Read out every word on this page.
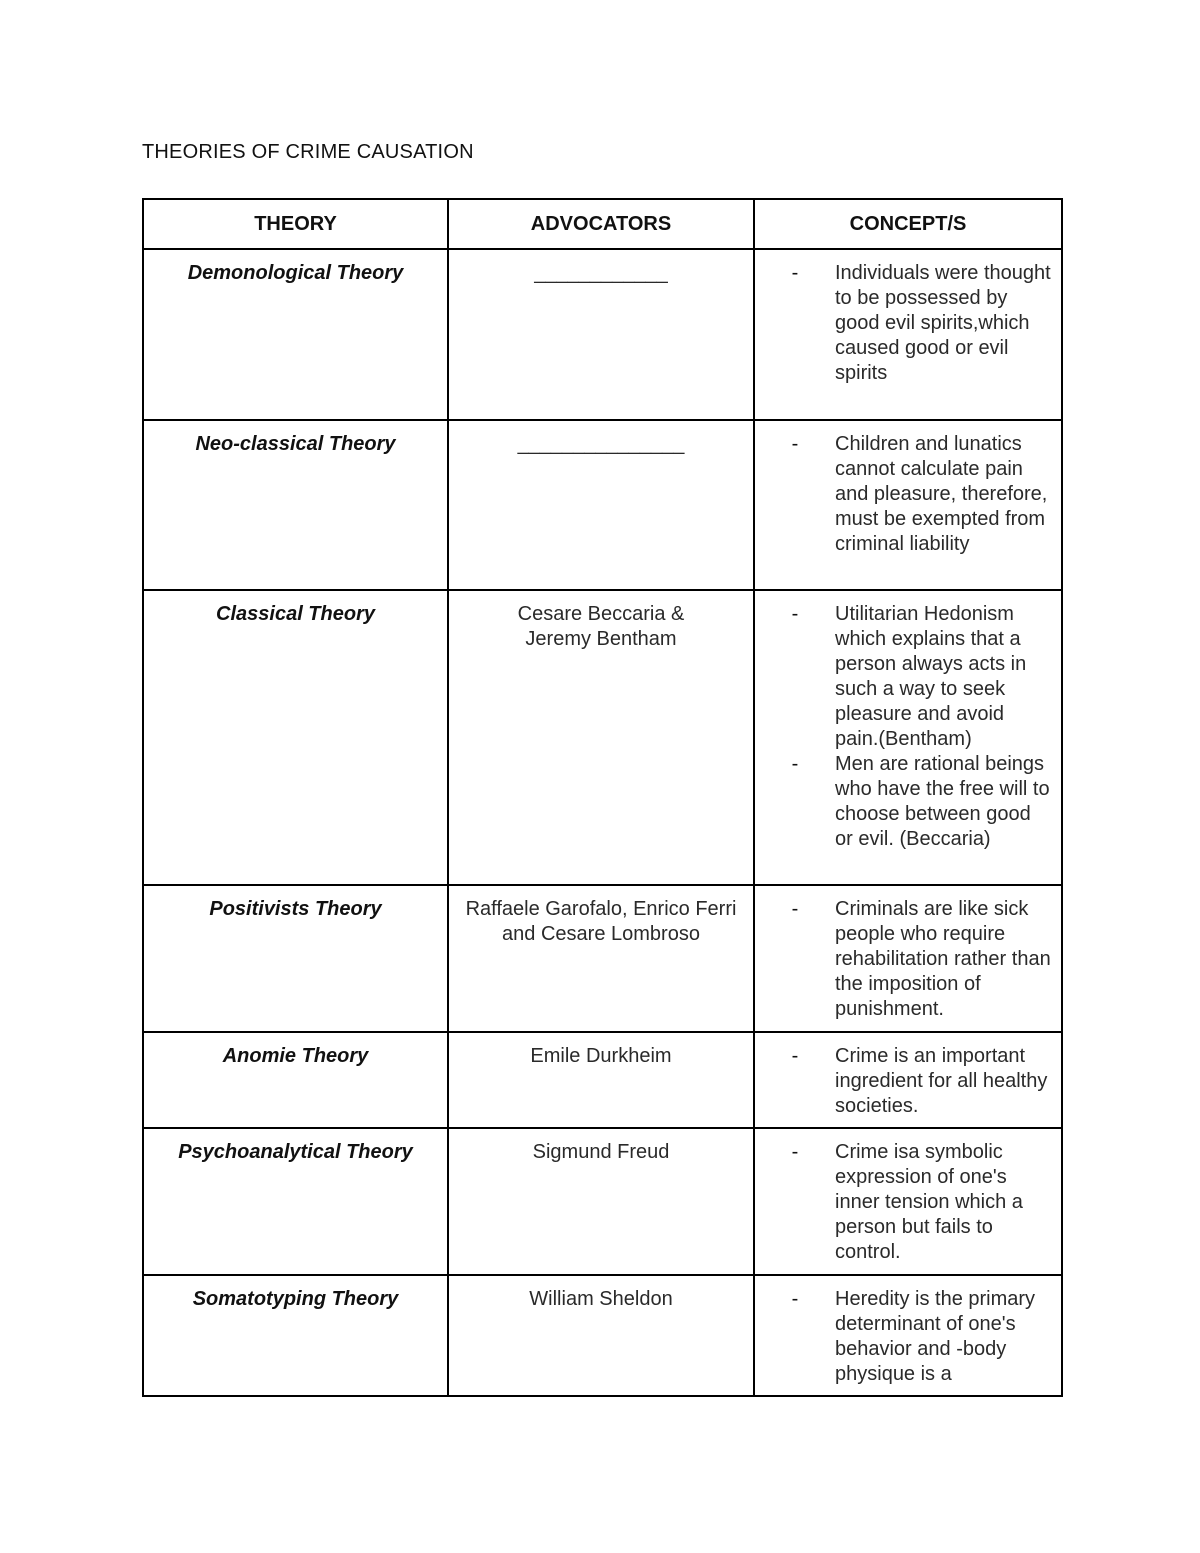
THEORIES OF CRIME CAUSATION
THEORY	ADVOCATORS	CONCEPT/S
Demonological Theory	____________	- Individuals were thought to be possessed by good evil spirits,which caused good or evil spirits

Neo-classical Theory	_______________	- Children and lunatics cannot calculate pain and pleasure, therefore, must be exempted from criminal liability

Classical Theory	Cesare Beccaria & Jeremy Bentham	- Utilitarian Hedonism which explains that a person always acts in such a way to seek pleasure and avoid pain.(Bentham)
- Men are rational beings who have the free will to choose between good or evil. (Beccaria)

Positivists Theory	Raffaele Garofalo, Enrico Ferri and Cesare Lombroso	- Criminals are like sick people who require rehabilitation rather than the imposition of punishment.

Anomie Theory	Emile Durkheim	- Crime is an important ingredient for all healthy societies.

Psychoanalytical Theory	Sigmund Freud	- Crime isa symbolic expression of one's inner tension which a person but fails to control.

Somatotyping Theory	William Sheldon	- Heredity is the primary determinant of one's behavior and -body physique is a
